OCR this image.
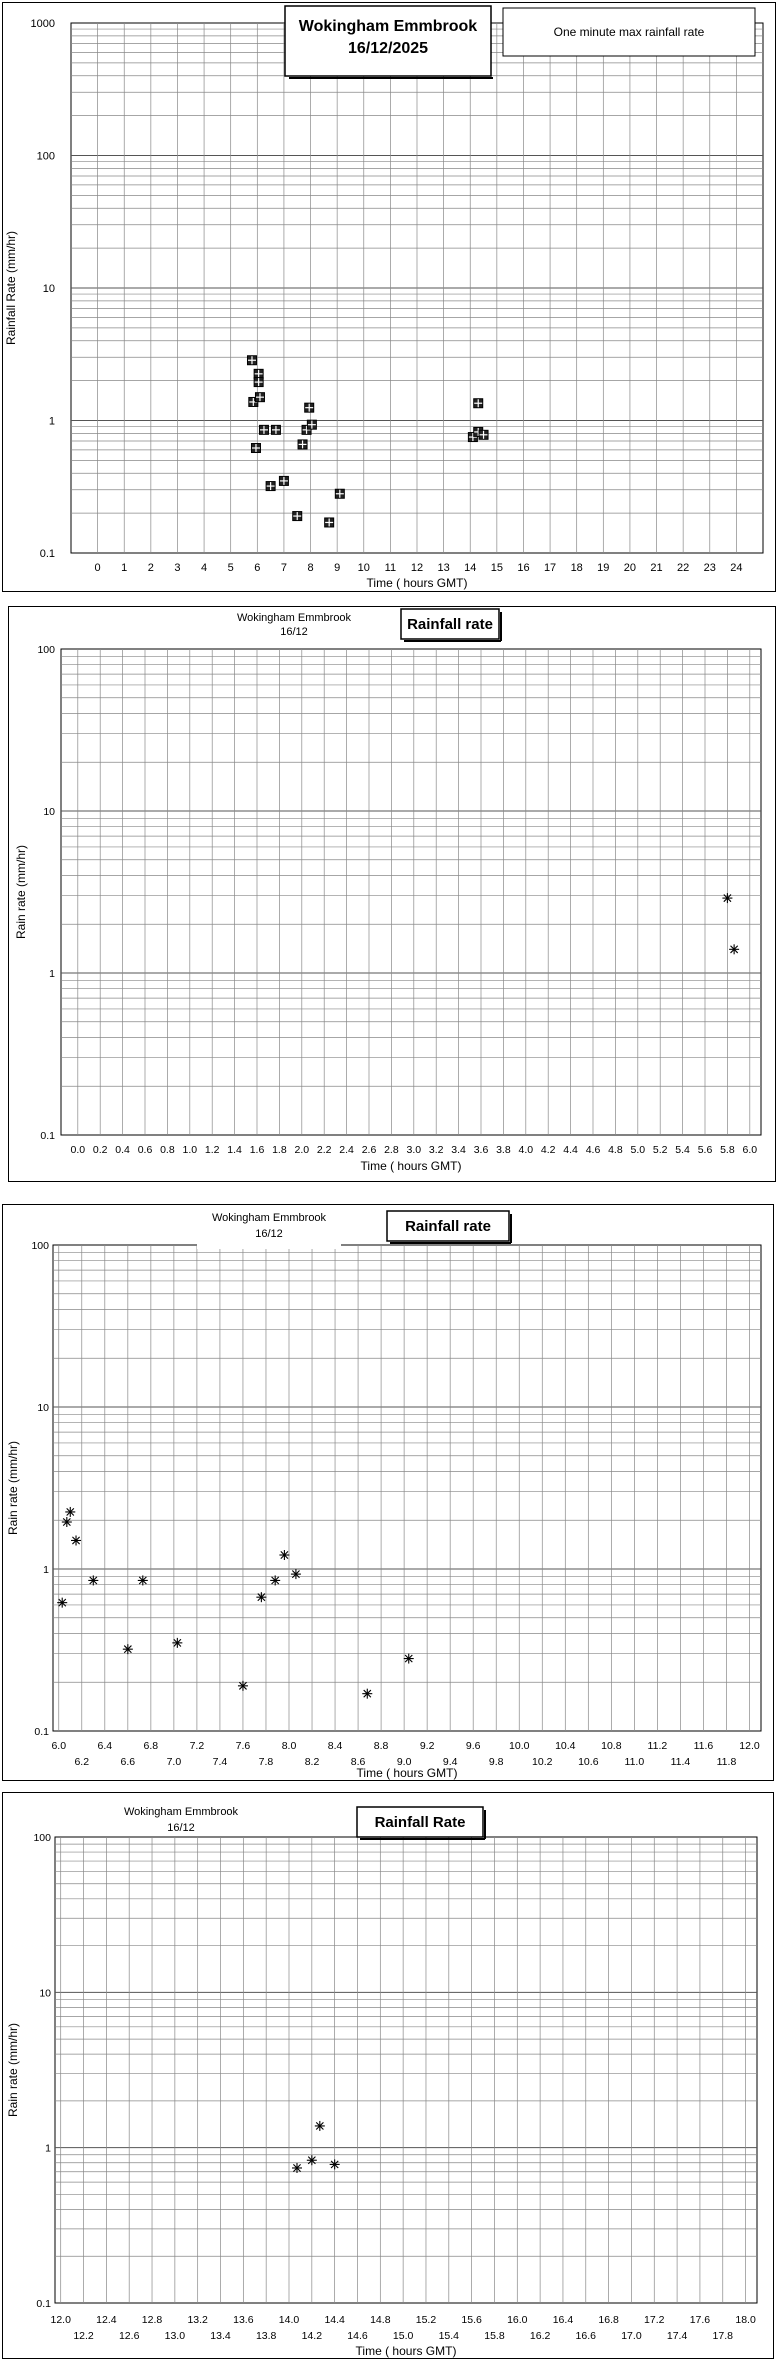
0 1 2 3 4 5 6 7 8 9 10 11 12 13 14 15 16 17 18 19 20 21 22 23 24
0.1
1
10
100
1000
Time ( hours GMT)
Rainfall Rate (mm/hr)
Wokingham Emmbrook
16/12/2025
One minute max rainfall rate
0.0 0.2 0.4 0.6 0.8 1.0 1.2 1.4 1.6 1.8 2.0 2.2 2.4 2.6 2.8 3.0 3.2 3.4 3.6 3.8 4.0 4.2 4.4 4.6 4.8 5.0 5.2 5.4 5.6 5.8 6.0
0.1
1
10
100
Time ( hours GMT)
Rain rate (mm/hr)
Wokingham Emmbrook
16/12	Rainfall rate
6.0	6.4	6.8	7.2	7.6	8.0	8.4	8.8	9.2	9.6	10.0 10.4 10.8 11.2	11.6 12.0
6.2	6.6	7.0	7.4	7.8	8.2	8.6	9.0	9.4	9.8	10.2 10.6 11.0	11.4	11.8
0.1
1
10
100
Time ( hours GMT)
Rain rate (mm/hr)
Wokingham Emmbrook
16/12	Rainfall rate
12.0 12.4 12.8 13.2 13.6 14.0 14.4 14.8 15.2 15.6 16.0 16.4 16.8 17.2 17.6 18.0
12.2 12.6 13.0 13.4 13.8 14.2 14.6 15.0 15.4 15.8 16.2 16.6 17.0 17.4 17.8
0.1
1
10
100
Time ( hours GMT)
Rain rate (mm/hr)
Wokingham Emmbrook
16/12	Rainfall Rate
